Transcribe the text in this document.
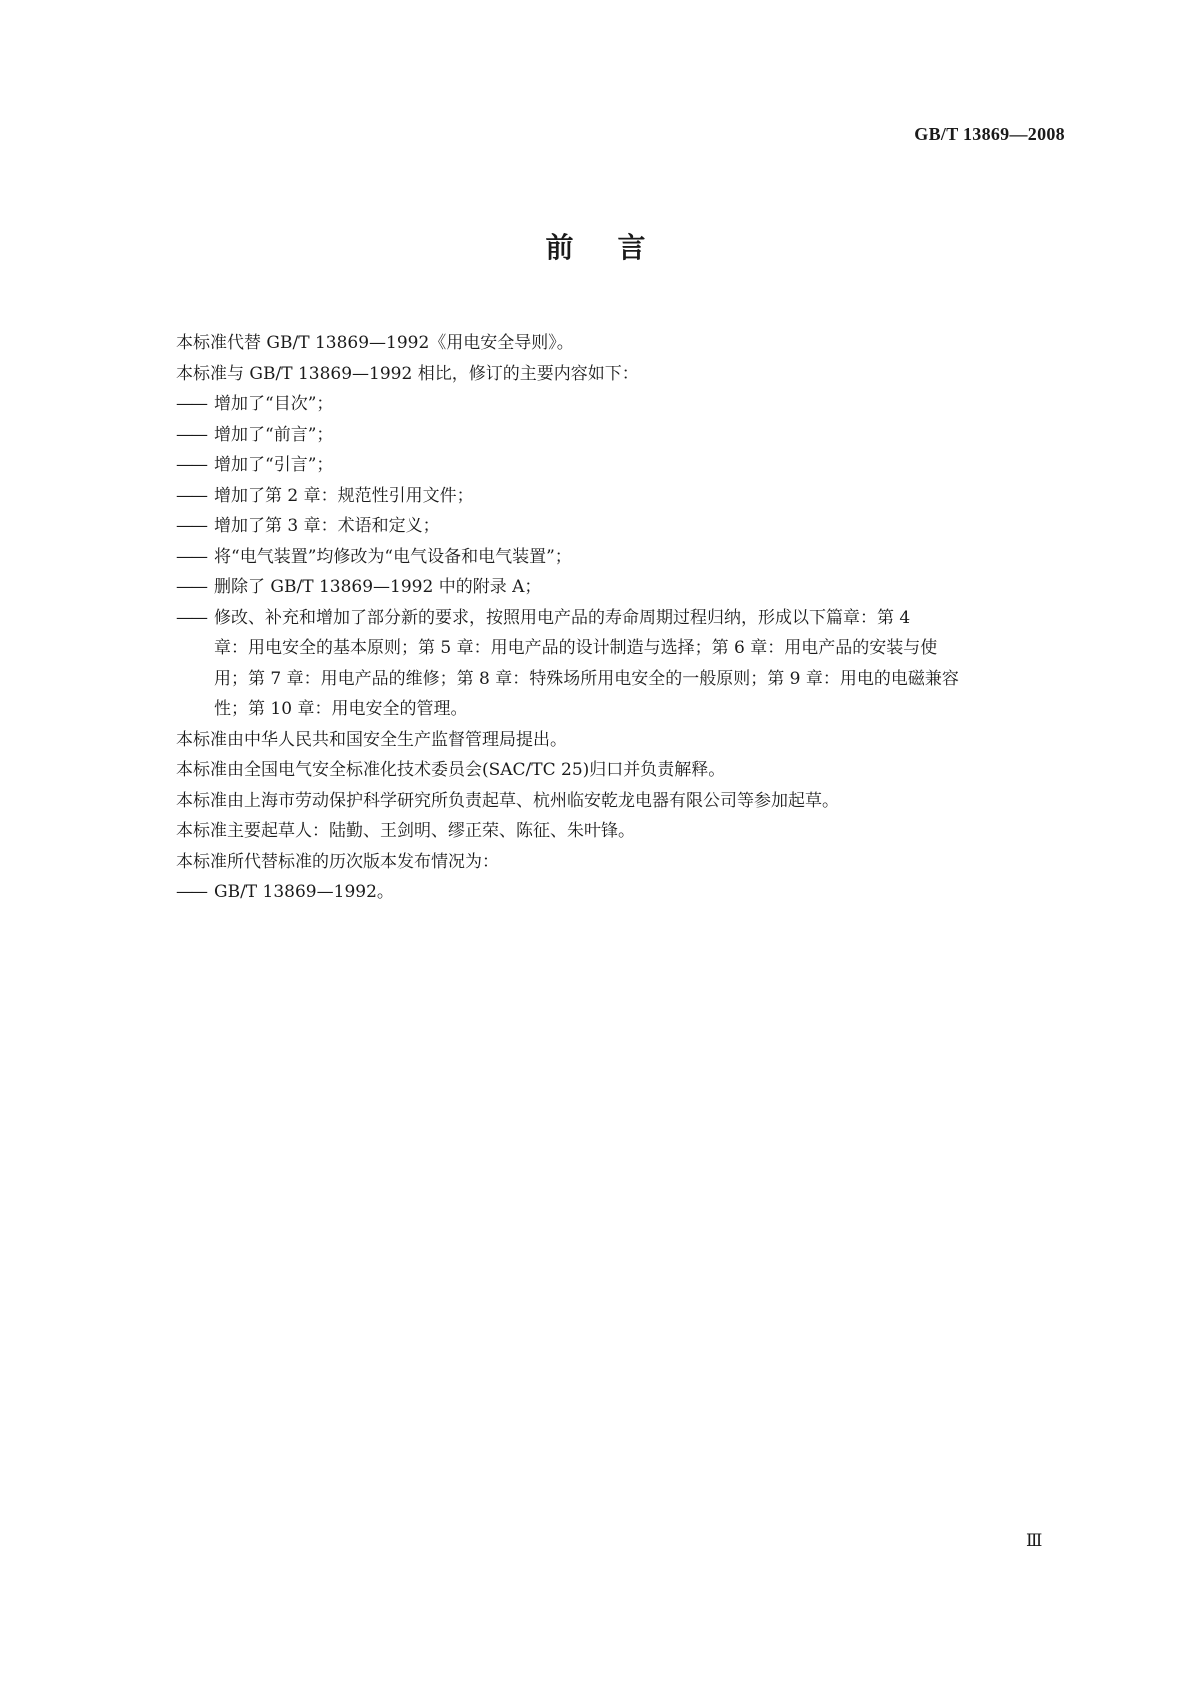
GB/T 13869—2008
前言
本标准代替 GB/T 13869—1992《用电安全导则》。
本标准与 GB/T 13869—1992 相比，修订的主要内容如下：
—— 增加了“目次”；
—— 增加了“前言”；
—— 增加了“引言”；
—— 增加了第 2 章：规范性引用文件；
—— 增加了第 3 章：术语和定义；
—— 将“电气装置”均修改为“电气设备和电气装置”；
—— 删除了 GB/T 13869—1992 中的附录 A；
—— 修改、补充和增加了部分新的要求，按照用电产品的寿命周期过程归纳，形成以下篇章：第 4
章：用电安全的基本原则；第 5 章：用电产品的设计制造与选择；第 6 章：用电产品的安装与使
用；第 7 章：用电产品的维修；第 8 章：特殊场所用电安全的一般原则；第 9 章：用电的电磁兼容
性；第 10 章：用电安全的管理。
本标准由中华人民共和国安全生产监督管理局提出。
本标准由全国电气安全标准化技术委员会(SAC/TC 25)归口并负责解释。
本标准由上海市劳动保护科学研究所负责起草、杭州临安乾龙电器有限公司等参加起草。
本标准主要起草人：陆勤、王剑明、缪正荣、陈征、朱叶锋。
本标准所代替标准的历次版本发布情况为：
—— GB/T 13869—1992。
Ⅲ
